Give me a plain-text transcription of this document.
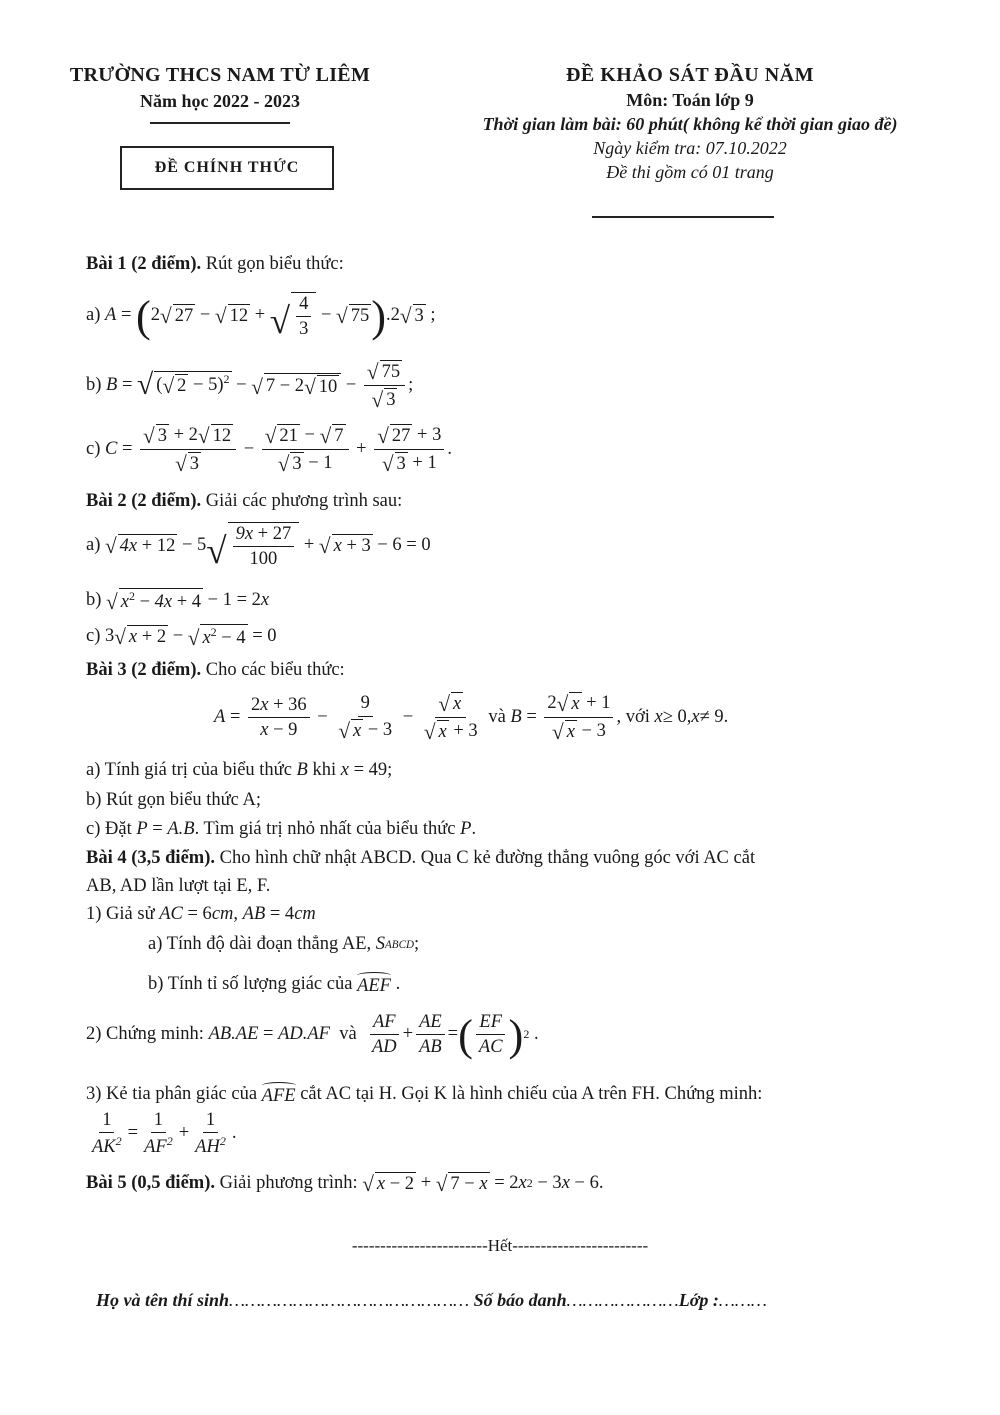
TRƯỜNG THCS NAM TỪ LIÊM
Năm học 2022 - 2023
ĐỀ CHÍNH THỨC
ĐỀ KHẢO SÁT ĐẦU NĂM
Môn: Toán lớp 9
Thời gian làm bài: 60 phút( không kể thời gian giao đề)
Ngày kiểm tra: 07.10.2022
Đề thi gồm có 01 trang
Bài 1 (2 điểm).
Rút gọn biểu thức:
a) A = ( 2 √ 27 − √ 12 + √ $\frac{4}{3}$ − √ 75 ) .2 √ 3 ;
b) B = √ ( √ 2 − 5)$^2$ − √ 7 − 2 √ $10 - \frac{√ 75}{√ 3}$ ;
c) $C = \frac{√ 3 + 2 √ 12}{√ 3} - \frac{√ 21 - √ 7}{√ 3 - 1} + \frac{√ 27 + 3}{√ 3 + 1}$ .
Bài 2 (2 điểm).
Giải các phương trình sau:
a) √ 4x + 12 − 5 √ $\frac{9x + 27}{100}$ + √ x + 3 − 6 = 0
b) √ $x^2 - 4x + 4 - 1 = 2$ x
c) 3 √ x + 2 − √ $x^2 - 4 = 0$
Bài 3 (2 điểm).
Cho các biểu thức:
$A = \frac{2x + 36}{x - 9} - \frac{9}{√ x - 3} - \frac{√ x}{√ x + 3}$
và
$B = \frac{2 √ x + 1}{√ x - 3}$ , với
x ≥ 0, x ≠ 9.
a) Tính giá trị của biểu thức
B
khi
x = 49;
b) Rút gọn biểu thức A;
c) Đặt
P = A.B . Tìm giá trị nhỏ nhất của biểu thức
P .
Bài 4 (3,5 điểm).
Cho hình chữ nhật ABCD. Qua C kẻ đường thẳng vuông góc với AC cắt
AB, AD lần lượt tại E, F.
1) Giả sử
AC = 6 cm , AB = 4 cm
a) Tính độ dài đoạn thẳng AE,
S ABCD ;
b) Tính tỉ số lượng giác của
AEF .
2) Chứng minh:
AB.AE = AD.AF
và
$\frac{AF}{AD} + \frac{AE}{AB}$ = ( $\frac{EF}{AC}$ ) 2 .
3) Kẻ tia phân giác của
AFE
cắt AC tại H. Gọi K là hình chiếu của A trên FH. Chứng minh:
$\frac{1}{AK^2} = \frac{1}{AF^2} + \frac{1}{AH^2}$ .
Bài 5 (0,5 điểm).
Giải phương trình:
√ x − 2 + √ 7 − x = 2 x 2 − 3 x − 6.
------------------------Hết------------------------
Họ và tên thí sinh……………………………………… Số báo danh…………………Lớp :………
